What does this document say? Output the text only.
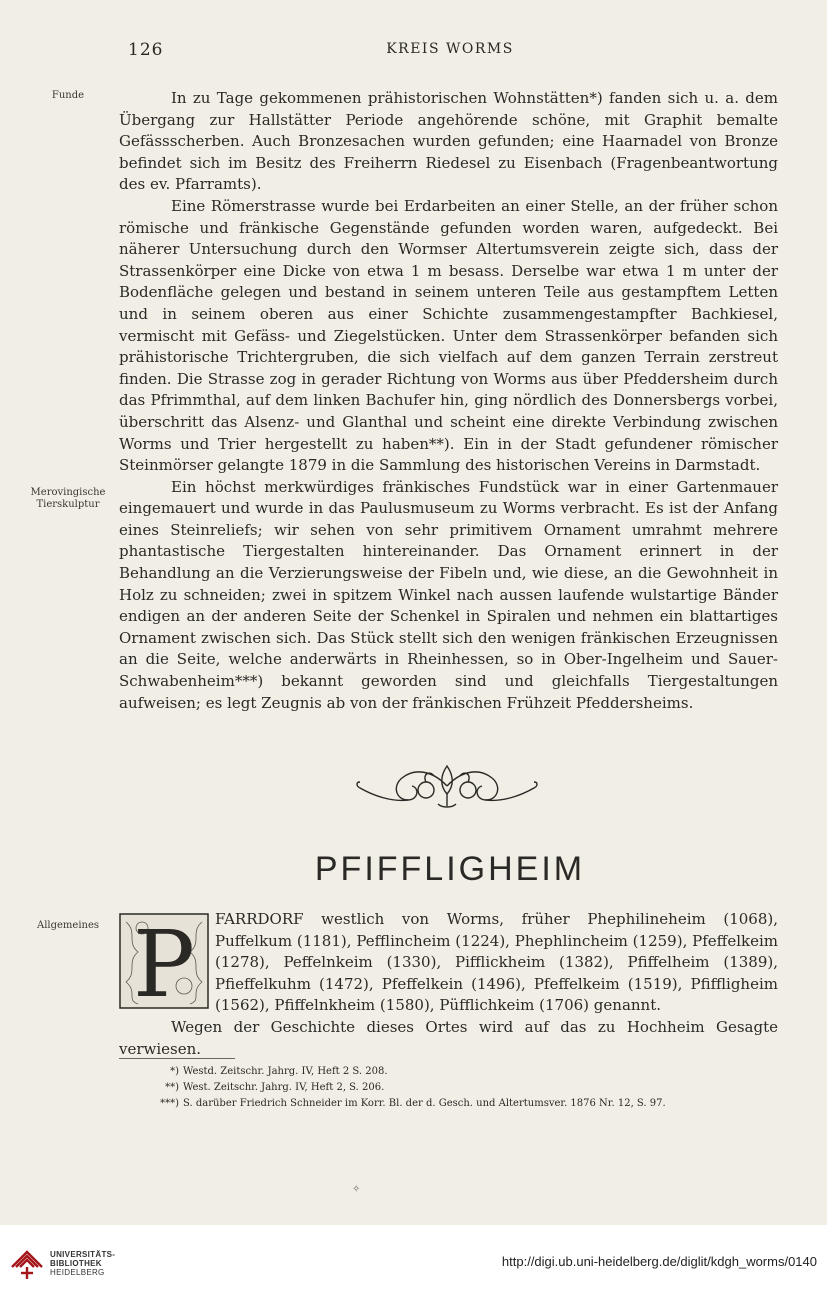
126	KREIS WORMS
Funde
Merovingische
Tierskulptur
Allgemeines

In zu Tage gekommenen prähistorischen Wohnstätten*) fanden sich u. a. dem Übergang zur Hallstätter Periode angehörende schöne, mit Graphit bemalte Gefässscherben. Auch Bronzesachen wurden gefunden; eine Haarnadel von Bronze befindet sich im Besitz des Freiherrn Riedesel zu Eisenbach (Fragenbeantwortung des ev. Pfarramts).

Eine Römerstrasse wurde bei Erdarbeiten an einer Stelle, an der früher schon römische und fränkische Gegenstände gefunden worden waren, aufgedeckt. Bei näherer Untersuchung durch den Wormser Altertumsverein zeigte sich, dass der Strassenkörper eine Dicke von etwa 1 m besass. Derselbe war etwa 1 m unter der Bodenfläche gelegen und bestand in seinem unteren Teile aus gestampftem Letten und in seinem oberen aus einer Schichte zusammengestampfter Bachkiesel, vermischt mit Gefäss- und Ziegelstücken. Unter dem Strassenkörper befanden sich prähistorische Trichtergruben, die sich vielfach auf dem ganzen Terrain zerstreut finden. Die Strasse zog in gerader Richtung von Worms aus über Pfeddersheim durch das Pfrimmthal, auf dem linken Bachufer hin, ging nördlich des Donnersbergs vorbei, überschritt das Alsenz- und Glanthal und scheint eine direkte Verbindung zwischen Worms und Trier hergestellt zu haben**). Ein in der Stadt gefundener römischer Steinmörser gelangte 1879 in die Sammlung des historischen Vereins in Darmstadt.

Ein höchst merkwürdiges fränkisches Fundstück war in einer Gartenmauer eingemauert und wurde in das Paulusmuseum zu Worms verbracht. Es ist der Anfang eines Steinreliefs; wir sehen von sehr primitivem Ornament umrahmt mehrere phantastische Tiergestalten hintereinander. Das Ornament erinnert in der Behandlung an die Verzierungsweise der Fibeln und, wie diese, an die Gewohnheit in Holz zu schneiden; zwei in spitzem Winkel nach aussen laufende wulstartige Bänder endigen an der anderen Seite der Schenkel in Spiralen und nehmen ein blattartiges Ornament zwischen sich. Das Stück stellt sich den wenigen fränkischen Erzeugnissen an die Seite, welche anderwärts in Rheinhessen, so in Ober-Ingelheim und Sauer-Schwabenheim***) bekannt geworden sind und gleichfalls Tiergestaltungen aufweisen; es legt Zeugnis ab von der fränkischen Frühzeit Pfeddersheims.

PFIFFLIGHEIM
P	FARRDORF westlich von Worms, früher Phephilineheim (1068), Puffelkum (1181), Pefflincheim (1224), Phephlincheim (1259), Pfeffelkeim (1278), Peffelnkeim (1330), Pifflickheim (1382), Pfiffelheim (1389), Pfieffelkuhm (1472), Pfeffelkein (1496), Pfeffelkeim (1519), Pfiffligheim (1562), Pfiffelnkheim (1580), Püfflichkeim (1706) genannt.
Wegen der Geschichte dieses Ortes wird auf das zu Hochheim Gesagte verwiesen.
*) Westd. Zeitschr. Jahrg. IV, Heft 2 S. 208.
**) West. Zeitschr. Jahrg. IV, Heft 2, S. 206.
***) S. darüber Friedrich Schneider im Korr. Bl. der d. Gesch. und Altertumsver. 1876 Nr. 12, S. 97.
✧
UNIVERSITÄTS-
BIBLIOTHEK
HEIDELBERG
http://digi.ub.uni-heidelberg.de/diglit/kdgh_worms/0140
